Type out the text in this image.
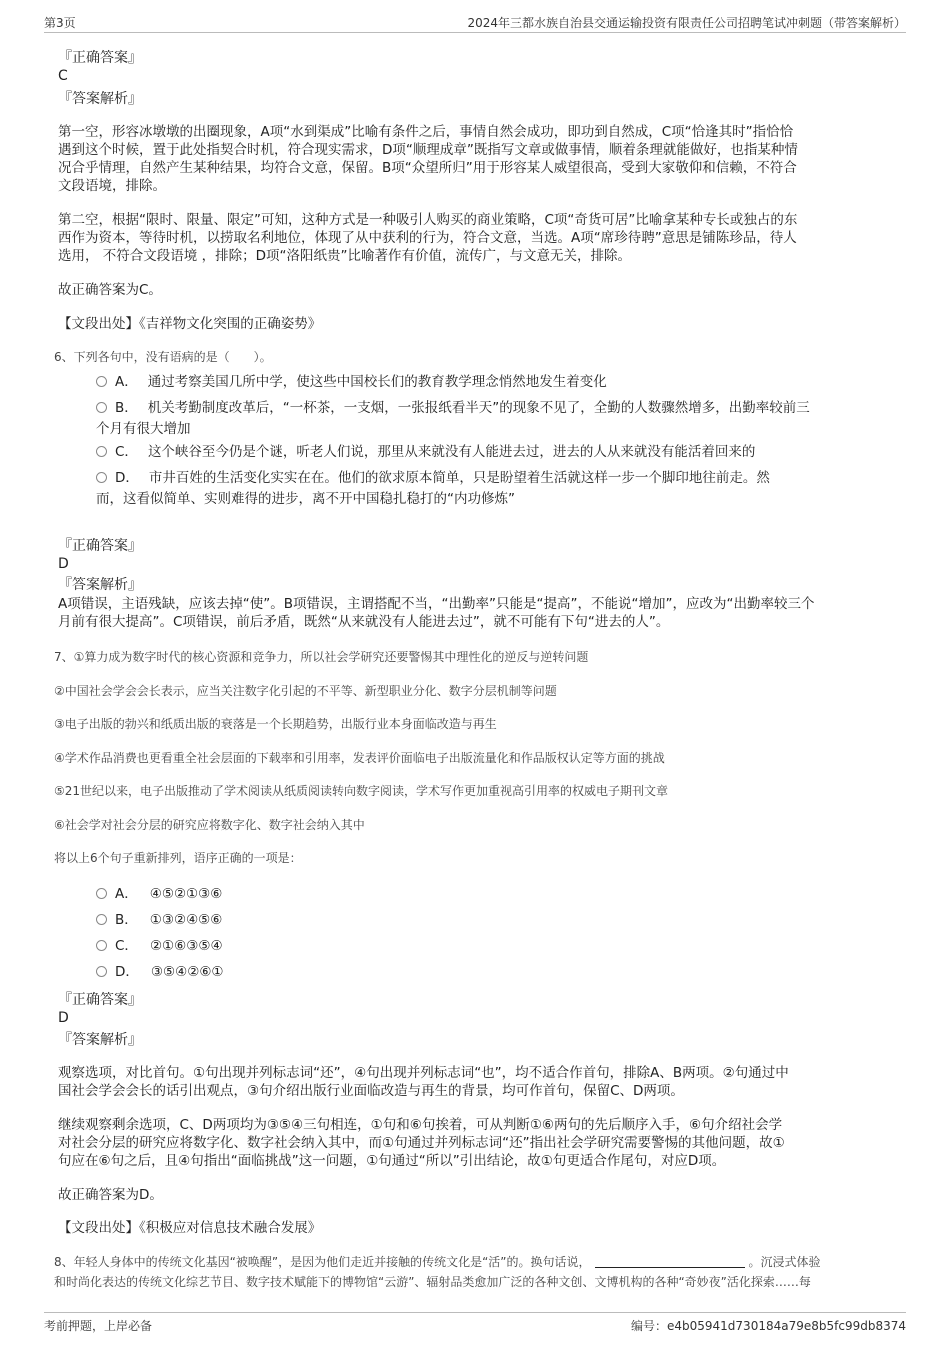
第3页	2024年三都水族自治县交通运输投资有限责任公司招聘笔试冲刺题（带答案解析）
『正确答案』
C
『答案解析』
第一空，形容冰墩墩的出圈现象，A项“水到渠成”比喻有条件之后，事情自然会成功，即功到自然成，C项“恰逢其时”指恰恰
遇到这个时候，置于此处指契合时机，符合现实需求，D项“顺理成章”既指写文章或做事情，顺着条理就能做好，也指某种情
况合乎情理，自然产生某种结果，均符合文意，保留。B项“众望所归”用于形容某人威望很高，受到大家敬仰和信赖，不符合
文段语境，排除。
第二空，根据“限时、限量、限定”可知，这种方式是一种吸引人购买的商业策略，C项“奇货可居”比喻拿某种专长或独占的东
西作为资本，等待时机，以捞取名利地位，体现了从中获利的行为，符合文意，当选。A项“席珍待聘”意思是铺陈珍品，待人
选用， 不符合文段语境 ，排除；D项“洛阳纸贵”比喻著作有价值，流传广，与文意无关，排除。
故正确答案为C。
【文段出处】《吉祥物文化突围的正确姿势》
6、下列各句中，没有语病的是（　　）。
A． 通过考察美国几所中学，使这些中国校长们的教育教学理念悄然地发生着变化
B． 机关考勤制度改革后，“一杯茶，一支烟，一张报纸看半天”的现象不见了，全勤的人数骤然增多，出勤率较前三
个月有很大增加
C． 这个峡谷至今仍是个谜，听老人们说，那里从来就没有人能进去过，进去的人从来就没有能活着回来的
D． 市井百姓的生活变化实实在在。他们的欲求原本简单，只是盼望着生活就这样一步一个脚印地往前走。然
而，这看似简单、实则难得的进步，离不开中国稳扎稳打的“内功修炼”
『正确答案』
D
『答案解析』
A项错误，主语残缺，应该去掉“使”。B项错误，主谓搭配不当，“出勤率”只能是“提高”，不能说“增加”，应改为“出勤率较三个
月前有很大提高”。C项错误，前后矛盾，既然“从来就没有人能进去过”，就不可能有下句“进去的人”。
7、①算力成为数字时代的核心资源和竞争力，所以社会学研究还要警惕其中理性化的逆反与逆转问题
②中国社会学会会长表示，应当关注数字化引起的不平等、新型职业分化、数字分层机制等问题
③电子出版的勃兴和纸质出版的衰落是一个长期趋势，出版行业本身面临改造与再生
④学术作品消费也更看重全社会层面的下载率和引用率，发表评价面临电子出版流量化和作品版权认定等方面的挑战
⑤21世纪以来，电子出版推动了学术阅读从纸质阅读转向数字阅读，学术写作更加重视高引用率的权威电子期刊文章
⑥社会学对社会分层的研究应将数字化、数字社会纳入其中
将以上6个句子重新排列，语序正确的一项是：
A． ④⑤②①③⑥
B． ①③②④⑤⑥
C． ②①⑥③⑤④
D． ③⑤④②⑥①
『正确答案』
D
『答案解析』
观察选项，对比首句。①句出现并列标志词“还”，④句出现并列标志词“也”，均不适合作首句，排除A、B两项。②句通过中
国社会学会会长的话引出观点，③句介绍出版行业面临改造与再生的背景，均可作首句，保留C、D两项。
继续观察剩余选项，C、D两项均为③⑤④三句相连，①句和⑥句挨着，可从判断①⑥两句的先后顺序入手，⑥句介绍社会学
对社会分层的研究应将数字化、数字社会纳入其中，而①句通过并列标志词“还”指出社会学研究需要警惕的其他问题，故①
句应在⑥句之后，且④句指出“面临挑战”这一问题，①句通过“所以”引出结论，故①句更适合作尾句，对应D项。
故正确答案为D。
【文段出处】《积极应对信息技术融合发展》
8、年轻人身体中的传统文化基因“被唤醒”，是因为他们走近并接触的传统文化是“活”的。换句话说，	。沉浸式体验
和时尚化表达的传统文化综艺节目、数字技术赋能下的博物馆“云游”、辐射品类愈加广泛的各种文创、文博机构的各种“奇妙夜”活化探索……每
考前押题，上岸必备	编号：e4b05941d730184a79e8b5fc99db8374
